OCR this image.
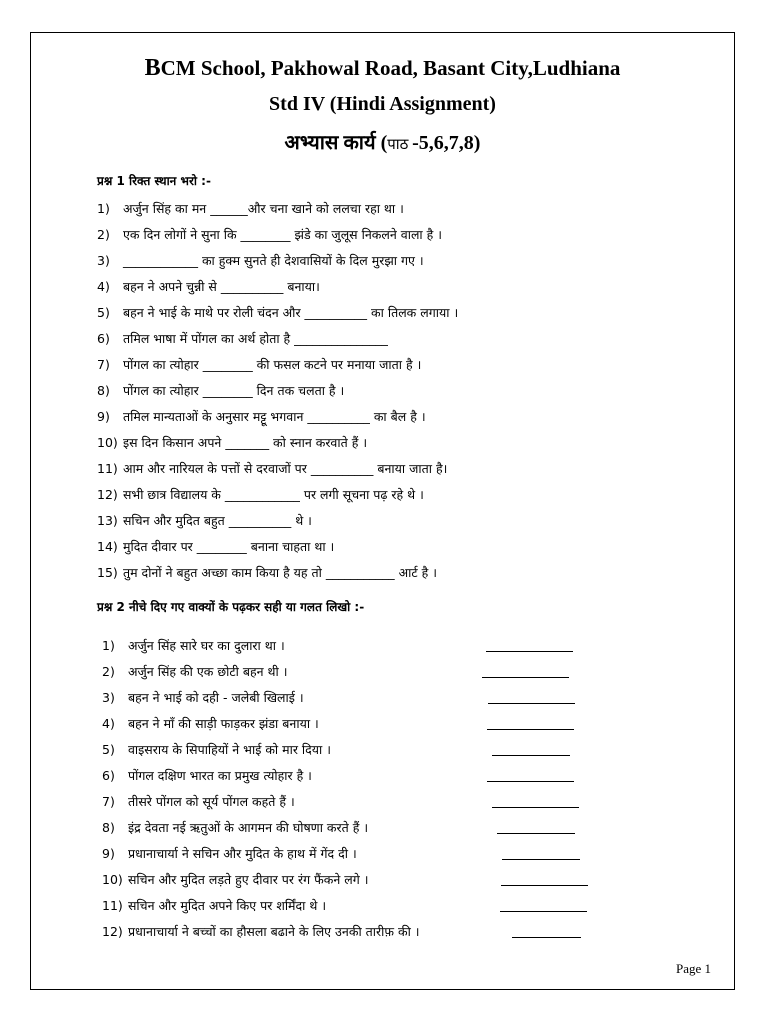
BCM School, Pakhowal Road, Basant City,Ludhiana
Std IV (Hindi Assignment)
अभ्यास कार्य (पाठ -5,6,7,8)
प्रश्न 1 रिक्त स्थान भरो :-
1) अर्जुन सिंह का मन ______और चना खाने को ललचा रहा था ।
2) एक दिन लोगों ने सुना कि ________ झंडे का जुलूस निकलने वाला है ।
3) ____________ का हुक्म सुनते ही देशवासियों के दिल मुरझा गए ।
4) बहन ने अपने चुन्नी से __________ बनाया।
5) बहन ने भाई के माथे पर रोली चंदन और __________ का तिलक लगाया ।
6) तमिल भाषा में पोंगल का अर्थ होता है _______________
7) पोंगल का त्योहार ________ की फसल कटने पर मनाया जाता है ।
8) पोंगल का त्योहार ________ दिन तक चलता है ।
9) तमिल मान्यताओं के अनुसार मट्टू भगवान __________ का बैल है ।
10) इस दिन किसान अपने _______ को स्नान करवाते हैं ।
11) आम और नारियल के पत्तों से दरवाजों पर __________ बनाया जाता है।
12) सभी छात्र विद्यालय के ____________ पर लगी सूचना पढ़ रहे थे ।
13) सचिन और मुदित बहुत __________ थे ।
14) मुदित दीवार पर ________ बनाना चाहता था ।
15) तुम दोनों ने बहुत अच्छा काम किया है यह तो ___________ आर्ट है ।
प्रश्न 2 नीचे दिए गए वाक्यों के पढ़कर सही या गलत लिखो :-
1) अर्जुन सिंह सारे घर का दुलारा था ।
2) अर्जुन सिंह की एक छोटी बहन थी ।
3) बहन ने भाई को दही - जलेबी खिलाई ।
4) बहन ने माँ की साड़ी फाड़कर झंडा बनाया ।
5) वाइसराय के सिपाहियों ने भाई को मार दिया ।
6) पोंगल दक्षिण भारत का प्रमुख त्योहार है ।
7) तीसरे पोंगल को सूर्य पोंगल कहते हैं ।
8) इंद्र देवता नई ऋतुओं के आगमन की घोषणा करते हैं ।
9) प्रधानाचार्या ने सचिन और मुदित के हाथ में गेंद दी ।
10) सचिन और मुदित लड़ते हुए दीवार पर रंग फैंकने लगे ।
11) सचिन और मुदित अपने किए पर शर्मिंदा थे ।
12) प्रधानाचार्या ने बच्चों का हौसला बढाने के लिए उनकी तारीफ़ की ।
Page 1
